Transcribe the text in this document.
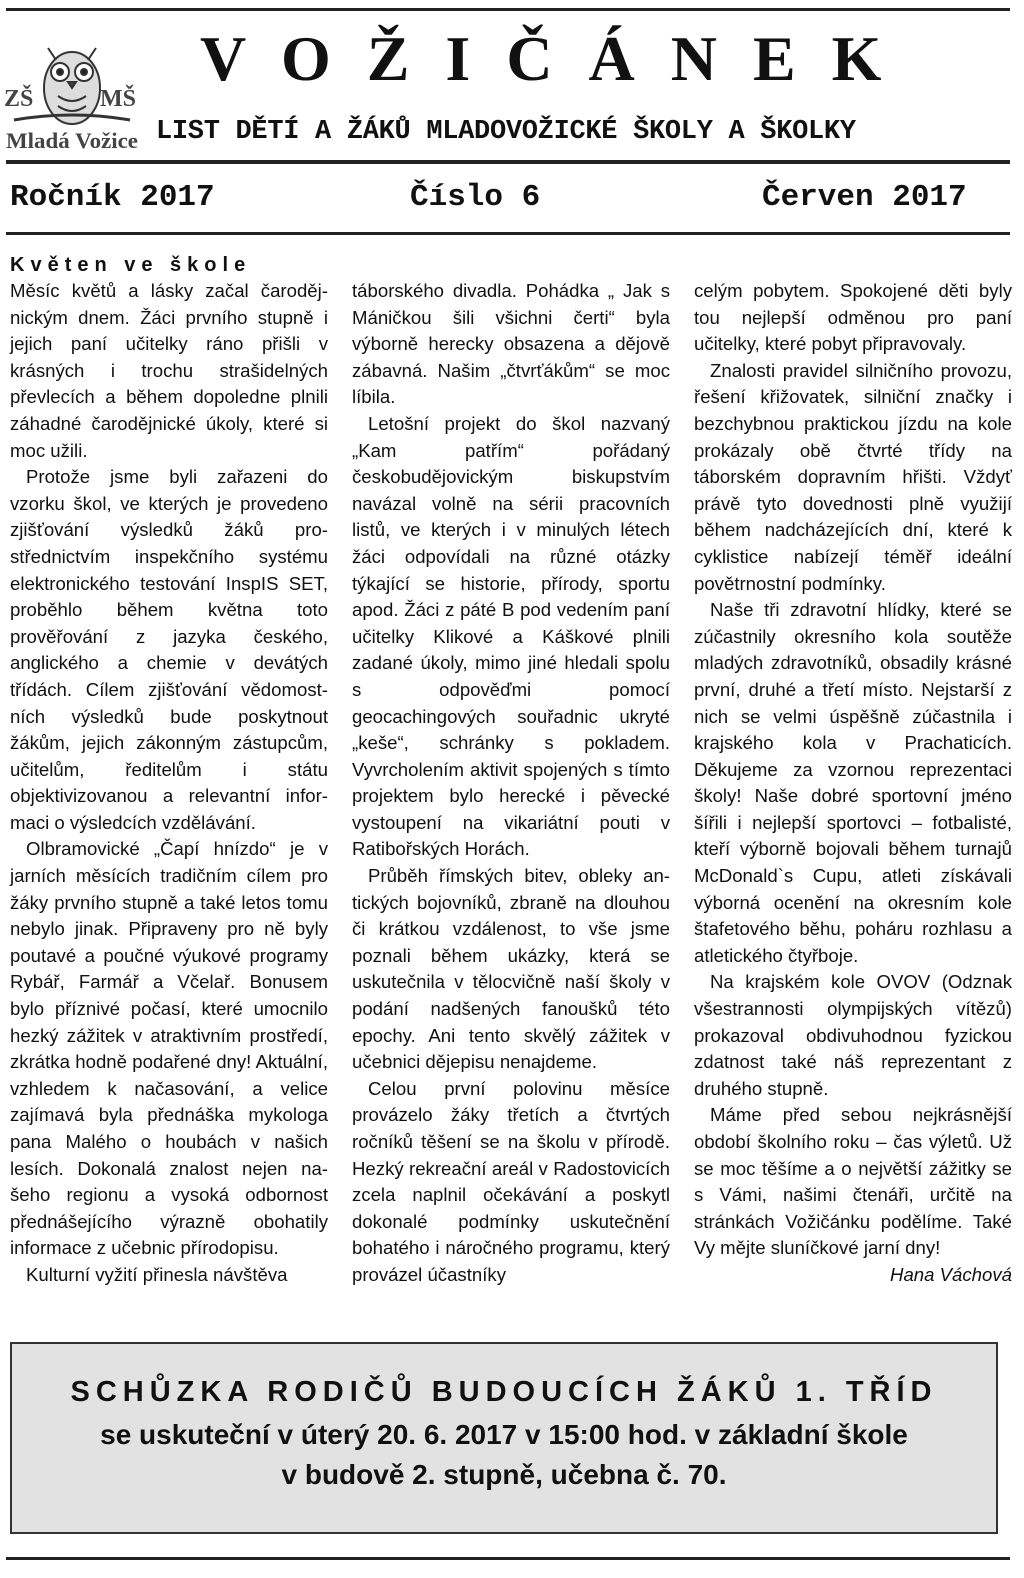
ZŠ	MŠ
Mladá Vožice
VOŽIČÁNEK
LIST DĚTÍ A ŽÁKŮ MLADOVOŽICKÉ ŠKOLY A ŠKOLKY
Ročník 2017	Číslo 6	Červen 2017
Květen ve škole

Měsíc květů a lásky začal čarodějnickým dnem. Žáci prvního stupně i jejich paní učitelky ráno přišli v krásných i trochu strašidelných převlecích a během dopoledne plnili záhadné čarodějnické úkoly, které si moc užili.

Protože jsme byli zařazeni do vzorku škol, ve kterých je provedeno zjišťování výsledků žáků prostřednictvím inspekčního systému elektronického testování InspIS SET, proběhlo během května toto prověřování z jazyka českého, anglického a chemie v devátých třídách. Cílem zjišťování vědomostních výsledků bude poskytnout žákům, jejich zákonným zástupcům, učitelům, ředitelům i státu objektivizovanou a relevantní informaci o výsledcích vzdělávání.

Olbramovické „Čapí hnízdo“ je v jarních měsících tradičním cílem pro žáky prvního stupně a také letos tomu nebylo jinak. Připraveny pro ně byly poutavé a poučné výukové programy Rybář, Farmář a Včelař. Bonusem bylo příznivé počasí, které umocnilo hezký zážitek v atraktivním prostředí, zkrátka hodně podařené dny! Aktuální, vzhledem k načasování, a velice zajímavá byla přednáška mykologa pana Malého o houbách v našich lesích. Dokonalá znalost nejen našeho regionu a vysoká odbornost přednášejícího výrazně obohatily informace z učebnic přírodopisu.

Kulturní vyžití přinesla návštěva

táborského divadla. Pohádka „ Jak s Máničkou šili všichni čerti“ byla výborně herecky obsazena a dějově zábavná. Našim „čtvrťákům“ se moc líbila.

Letošní projekt do škol nazvaný „Kam patřím“ pořádaný českobudějovickým biskupstvím navázal volně na sérii pracovních listů, ve kterých i v minulých létech žáci odpovídali na různé otázky týkající se historie, přírody, sportu apod. Žáci z páté B pod vedením paní učitelky Klikové a Káškové plnili zadané úkoly, mimo jiné hledali spolu s odpověďmi pomocí geocachingových souřadnic ukryté „keše“, schránky s pokladem. Vyvrcholením aktivit spojených s tímto projektem bylo herecké i pěvecké vystoupení na vikariátní pouti v Ratibořských Horách.

Průběh římských bitev, obleky antických bojovníků, zbraně na dlouhou či krátkou vzdálenost, to vše jsme poznali během ukázky, která se uskutečnila v tělocvičně naší školy v podání nadšených fanoušků této epochy. Ani tento skvělý zážitek v učebnici dějepisu nenajdeme.

Celou první polovinu měsíce provázelo žáky třetích a čtvrtých ročníků těšení se na školu v přírodě. Hezký rekreační areál v Radostovicích zcela naplnil očekávání a poskytl dokonalé podmínky uskutečnění bohatého i náročného programu, který provázel účastníky

celým pobytem. Spokojené děti byly tou nejlepší odměnou pro paní učitelky, které pobyt připravovaly.

Znalosti pravidel silničního provozu, řešení křižovatek, silniční značky i bezchybnou praktickou jízdu na kole prokázaly obě čtvrté třídy na táborském dopravním hřišti. Vždyť právě tyto dovednosti plně využijí během nadcházejících dní, které k cyklistice nabízejí téměř ideální povětrnostní podmínky.

Naše tři zdravotní hlídky, které se zúčastnily okresního kola soutěže mladých zdravotníků, obsadily krásné první, druhé a třetí místo. Nejstarší z nich se velmi úspěšně zúčastnila i krajského kola v Prachaticích. Děkujeme za vzornou reprezentaci školy! Naše dobré sportovní jméno šířili i nejlepší sportovci – fotbalisté, kteří výborně bojovali během turnajů McDonald`s Cupu, atleti získávali výborná ocenění na okresním kole štafetového běhu, poháru rozhlasu a atletického čtyřboje.

Na krajském kole OVOV (Odznak všestrannosti olympijských vítězů) prokazoval obdivuhodnou fyzickou zdatnost také náš reprezentant z druhého stupně.

Máme před sebou nejkrásnější období školního roku – čas výletů. Už se moc těšíme a o největší zážitky se s Vámi, našimi čtenáři, určitě na stránkách Vožičánku podělíme. Také Vy mějte sluníčkové jarní dny!
Hana Váchová

SCHŮZKA RODIČŮ BUDOUCÍCH ŽÁKŮ 1. TŘÍD
se uskuteční v úterý 20. 6. 2017 v 15:00 hod. v základní škole
v budově 2. stupně, učebna č. 70.
